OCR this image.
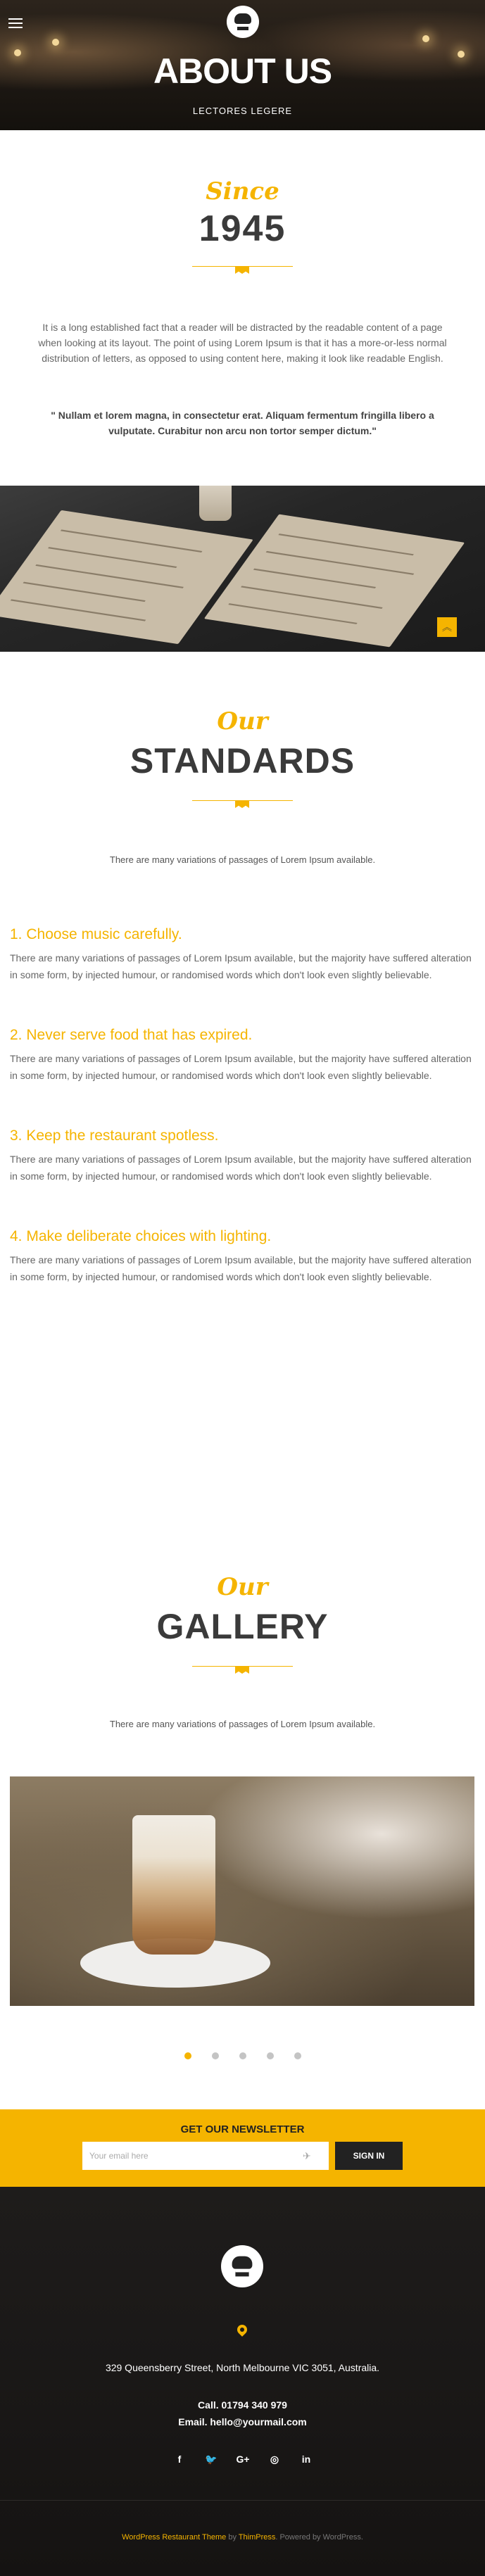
ABOUT US
LECTORES LEGERE
Since
1945
It is a long established fact that a reader will be distracted by the readable content of a page when looking at its layout. The point of using Lorem Ipsum is that it has a more-or-less normal distribution of letters, as opposed to using content here, making it look like readable English.
" Nullam et lorem magna, in consectetur erat. Aliquam fermentum fringilla libero a vulputate. Curabitur non arcu non tortor semper dictum."
︽
Our
STANDARDS
There are many variations of passages of Lorem Ipsum available.
1. Choose music carefully.
There are many variations of passages of Lorem Ipsum available, but the majority have suffered alteration in some form, by injected humour, or randomised words which don't look even slightly believable.
2. Never serve food that has expired.
There are many variations of passages of Lorem Ipsum available, but the majority have suffered alteration in some form, by injected humour, or randomised words which don't look even slightly believable.
3. Keep the restaurant spotless.
There are many variations of passages of Lorem Ipsum available, but the majority have suffered alteration in some form, by injected humour, or randomised words which don't look even slightly believable.
4. Make deliberate choices with lighting.
There are many variations of passages of Lorem Ipsum available, but the majority have suffered alteration in some form, by injected humour, or randomised words which don't look even slightly believable.
Our
GALLERY
There are many variations of passages of Lorem Ipsum available.
GET OUR NEWSLETTER
Your email here
✈	SIGN IN
329 Queensberry Street, North Melbourne VIC 3051, Australia.
Call. 01794 340 979
Email. hello@yourmail.com
f	🐦	G+	◎	in
WordPress Restaurant Theme by ThimPress. Powered by WordPress.
